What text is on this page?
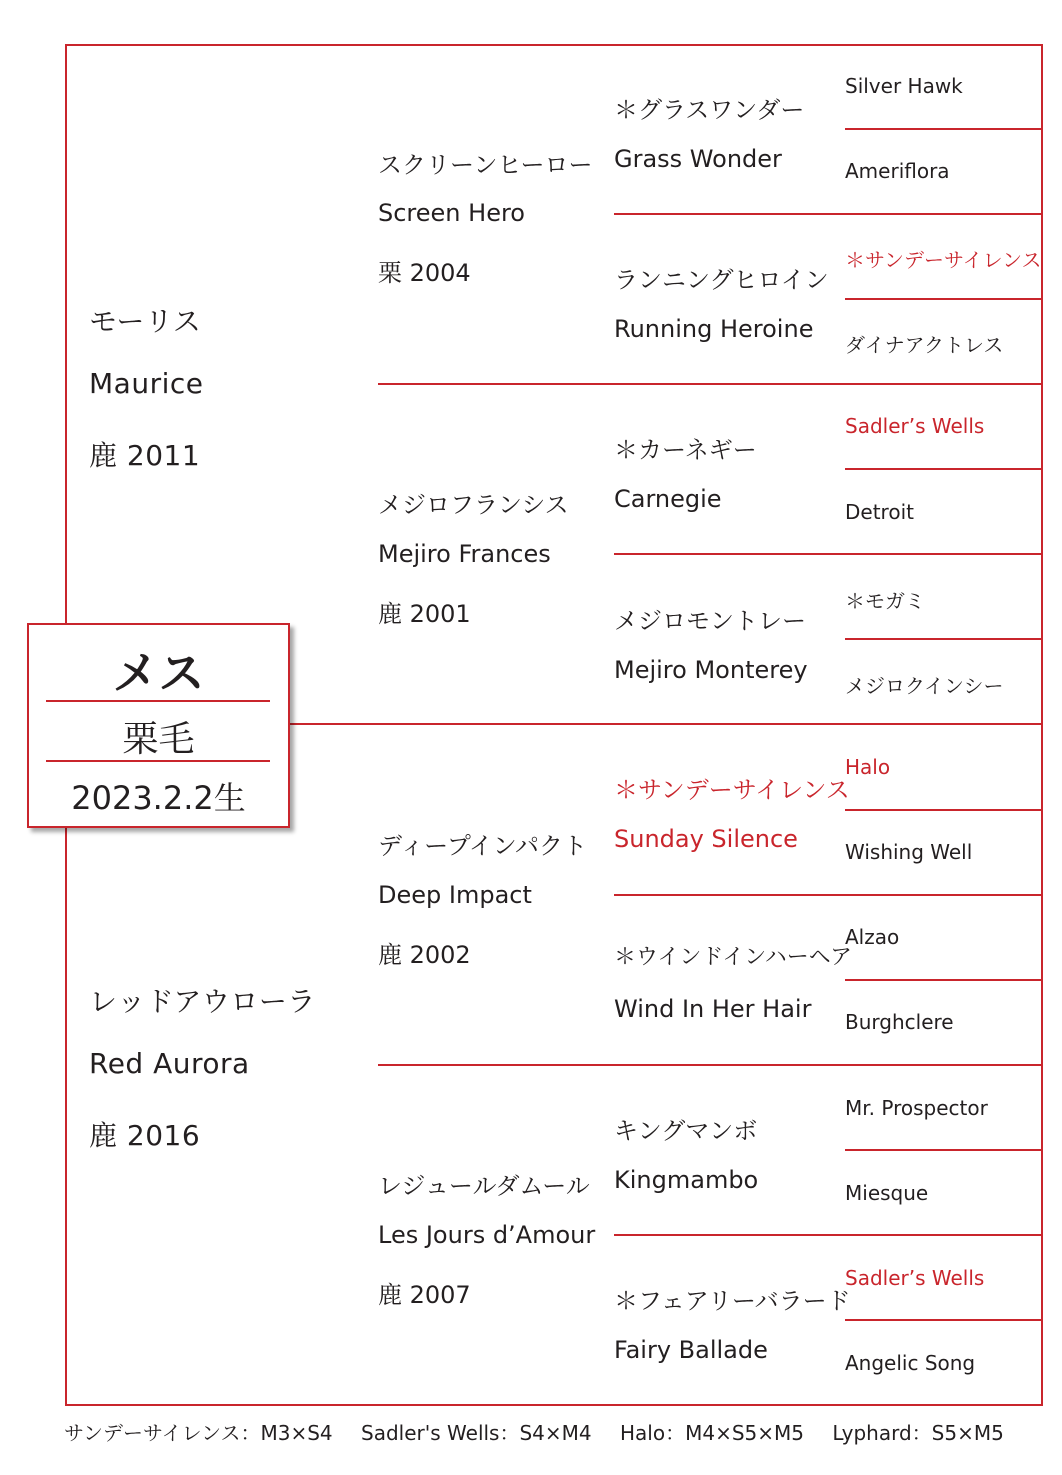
モーリス
Maurice
鹿 2011
レッドアウローラ
Red Aurora
鹿 2016
スクリーンヒーロー
Screen Hero
栗 2004
メジロフランシス
Mejiro Frances
鹿 2001
ディープインパクト
Deep Impact
鹿 2002
レジュールダムール
Les Jours d’Amour
鹿 2007
＊グラスワンダー
Grass Wonder
ランニングヒロイン
Running Heroine
＊カーネギー
Carnegie
メジロモントレー
Mejiro Monterey
＊サンデーサイレンス
Sunday Silence
＊ウインドインハーヘア
Wind In Her Hair
キングマンボ
Kingmambo
＊フェアリーバラード
Fairy Ballade
Silver Hawk
Ameriflora
＊サンデーサイレンス
ダイナアクトレス
Sadler’s Wells
Detroit
＊モガミ
メジロクインシー
Halo
Wishing Well
Alzao
Burghclere
Mr. Prospector
Miesque
Sadler’s Wells
Angelic Song
メス
栗毛
2023.2.2生
サンデーサイレンス：M3×S4 Sadler's Wells：S4×M4 Halo：M4×S5×M5 Lyphard：S5×M5
